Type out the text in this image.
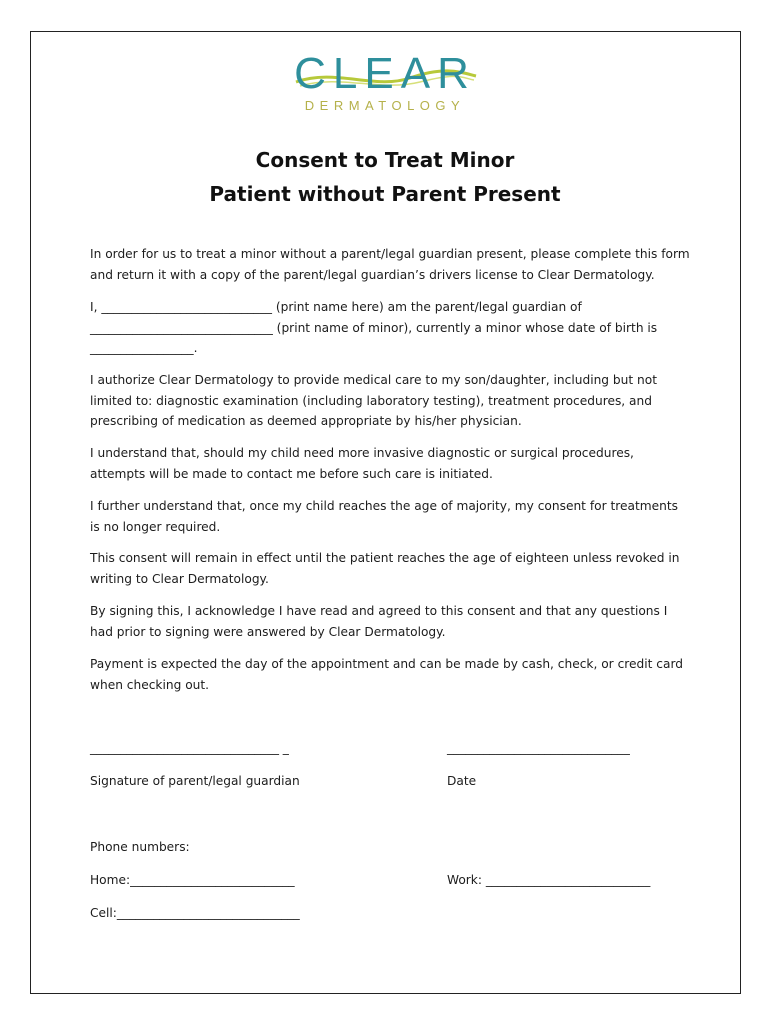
CLEAR
DERMATOLOGY
Consent to Treat Minor
Patient without Parent Present
In order for us to treat a minor without a parent/legal guardian present, please complete this form and return it with a copy of the parent/legal guardian’s drivers license to Clear Dermatology.
I, ____________________________ (print name here) am the parent/legal guardian of ______________________________ (print name of minor), currently a minor whose date of birth is _________________.
I authorize Clear Dermatology to provide medical care to my son/daughter, including but not limited to: diagnostic examination (including laboratory testing), treatment procedures, and prescribing of medication as deemed appropriate by his/her physician.
I understand that, should my child need more invasive diagnostic or surgical procedures, attempts will be made to contact me before such care is initiated.
I further understand that, once my child reaches the age of majority, my consent for treatments is no longer required.
This consent will remain in effect until the patient reaches the age of eighteen unless revoked in writing to Clear Dermatology.
By signing this, I acknowledge I have read and agreed to this consent and that any questions I had prior to signing were answered by Clear Dermatology.
Payment is expected the day of the appointment and can be made by cash, check, or credit card when checking out.
_______________________________ _	______________________________
Signature of parent/legal guardian	Date
Phone numbers:
Home:___________________________	Work: ___________________________
Cell:______________________________
